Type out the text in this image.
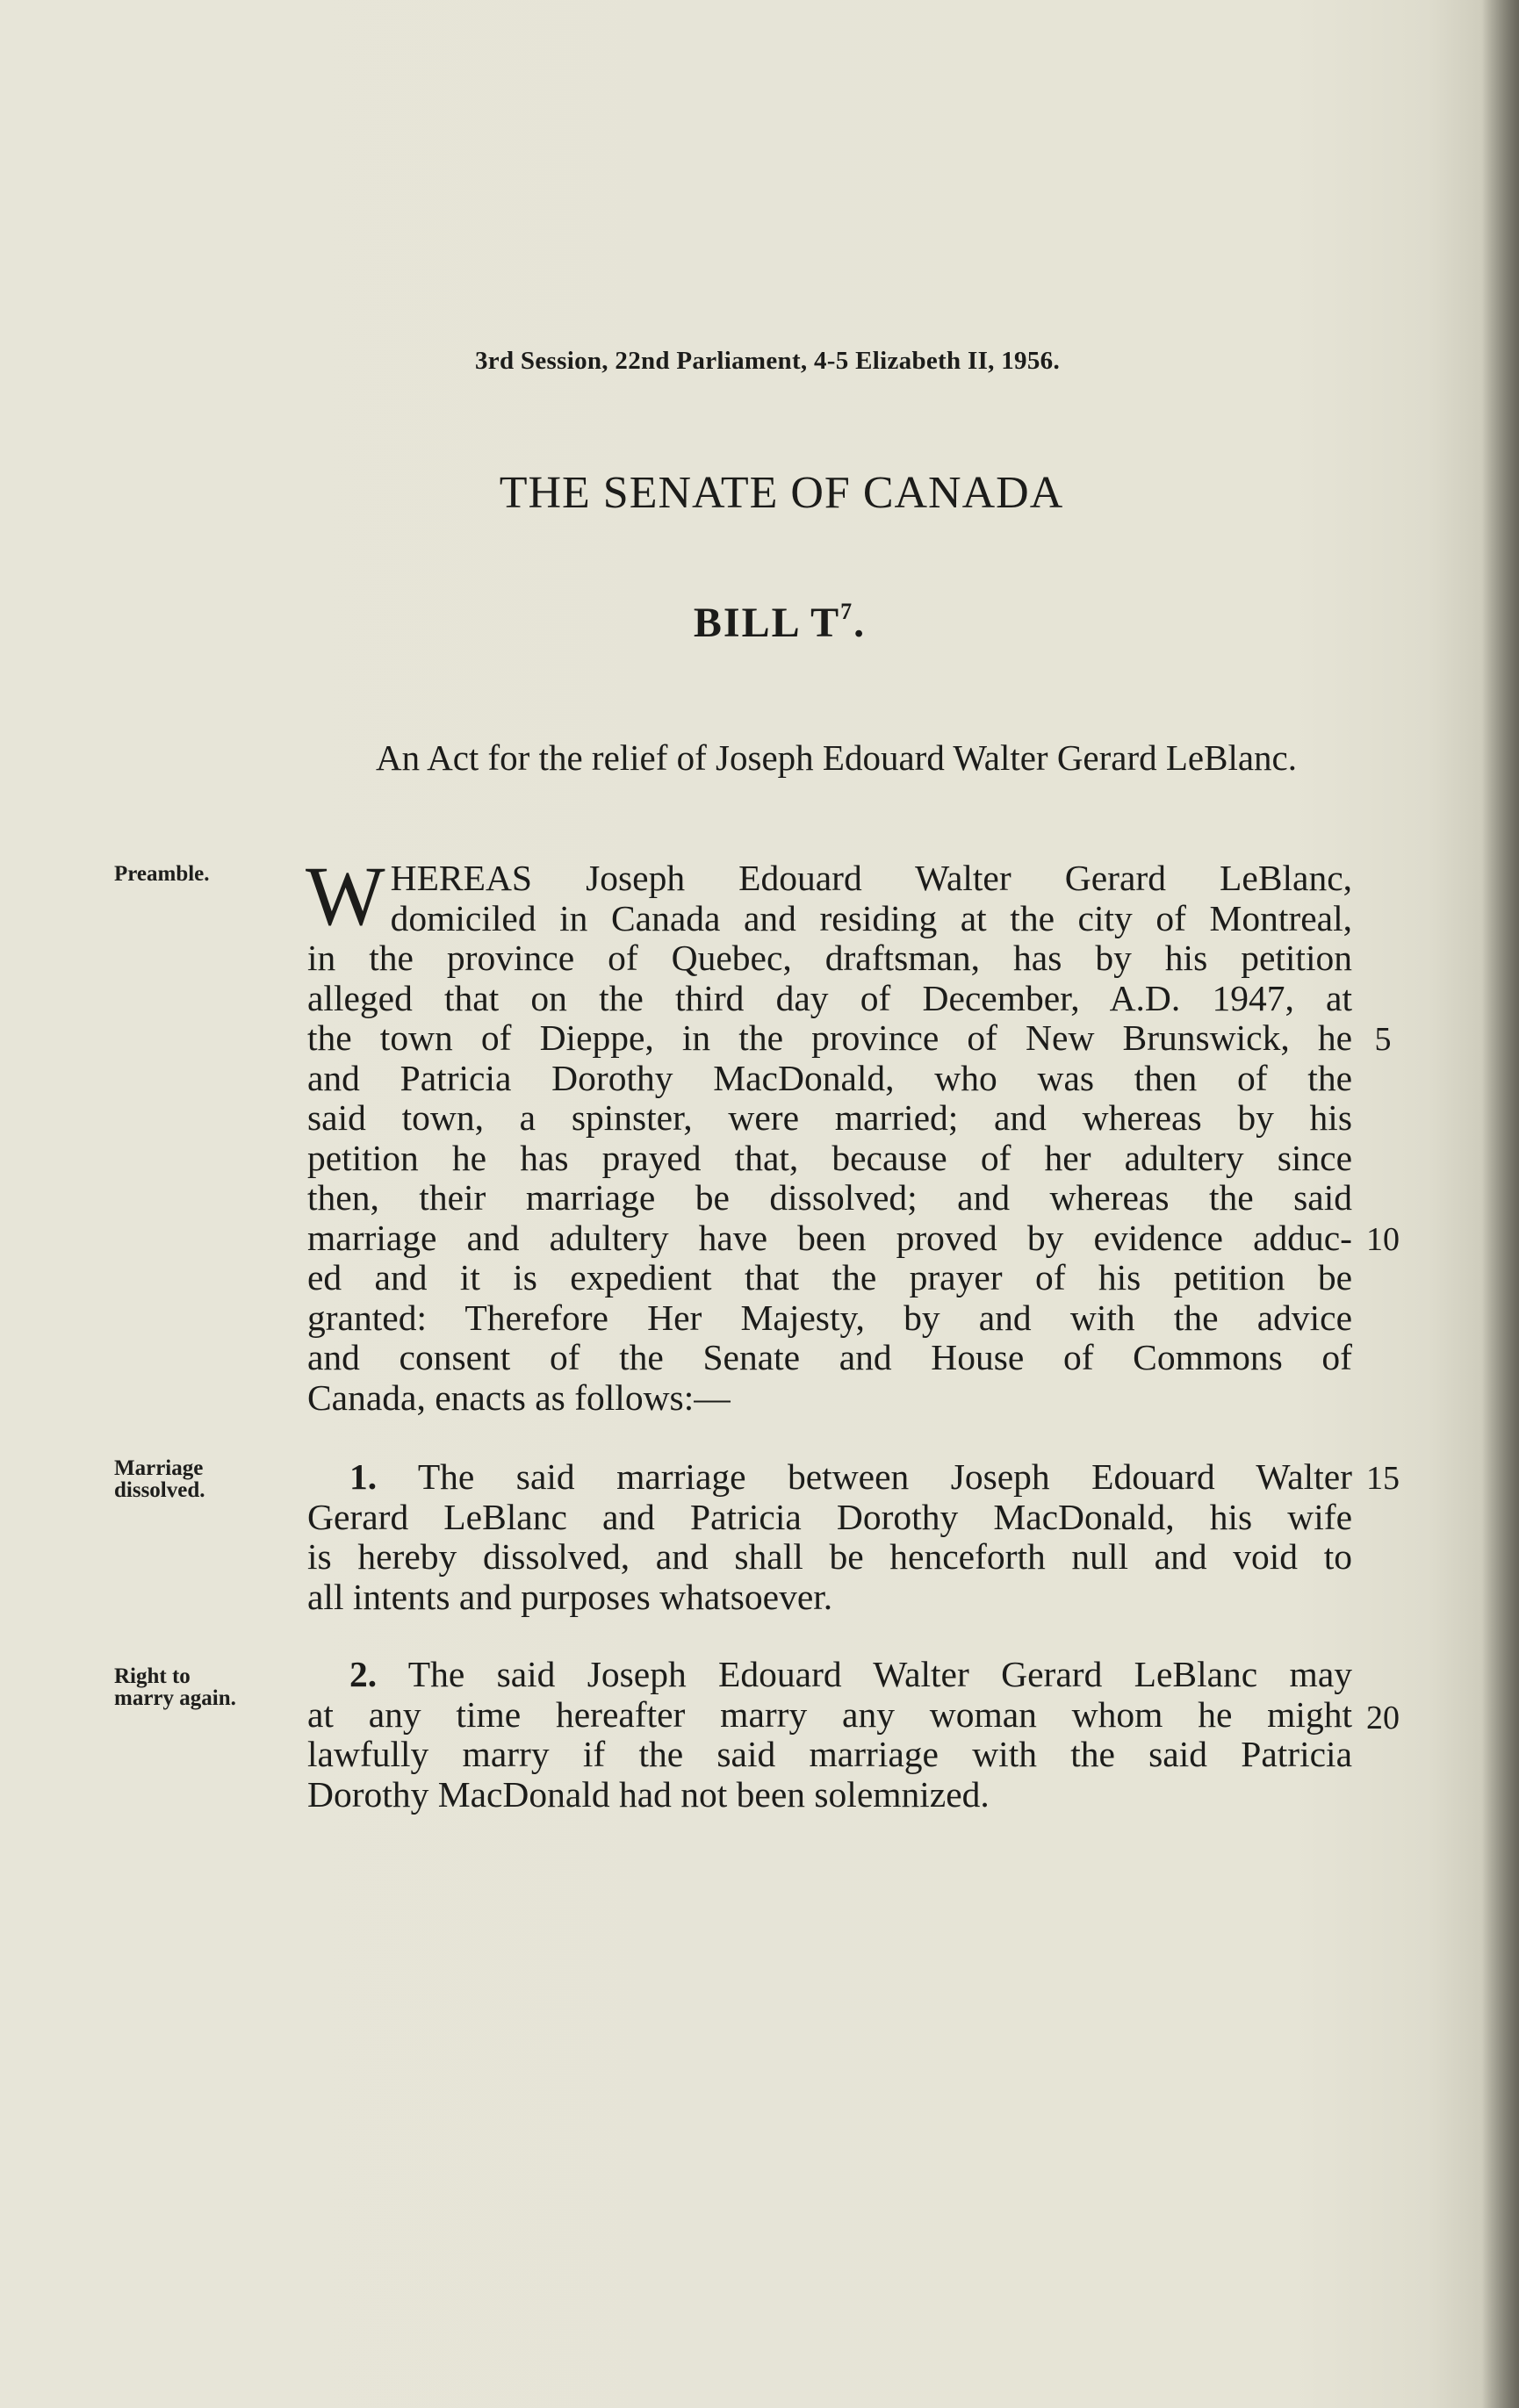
3rd Session, 22nd Parliament, 4-5 Elizabeth II, 1956.
THE SENATE OF CANADA
BILL $T^7$.
An Act for the relief of Joseph Edouard Walter Gerard LeBlanc.
Preamble. W HEREAS Joseph Edouard Walter Gerard LeBlanc,
domiciled in Canada and residing at the city of Montreal,
in the province of Quebec, draftsman, has by his petition
alleged that on the third day of December, A.D. 1947, at
the town of Dieppe, in the province of New Brunswick, he
and Patricia Dorothy MacDonald, who was then of the
said town, a spinster, were married; and whereas by his
petition he has prayed that, because of her adultery since
then, their marriage be dissolved; and whereas the said
marriage and adultery have been proved by evidence adduc-
ed and it is expedient that the prayer of his petition be
granted: Therefore Her Majesty, by and with the advice
and consent of the Senate and House of Commons of
Canada, enacts as follows:—
Marriage
dissolved.	1. The said marriage between Joseph Edouard Walter
Gerard LeBlanc and Patricia Dorothy MacDonald, his wife
is hereby dissolved, and shall be henceforth null and void to
all intents and purposes whatsoever.
Right to
marry again.
2. The said Joseph Edouard Walter Gerard LeBlanc may
at any time hereafter marry any woman whom he might
lawfully marry if the said marriage with the said Patricia
Dorothy MacDonald had not been solemnized.
5
10
15
20
